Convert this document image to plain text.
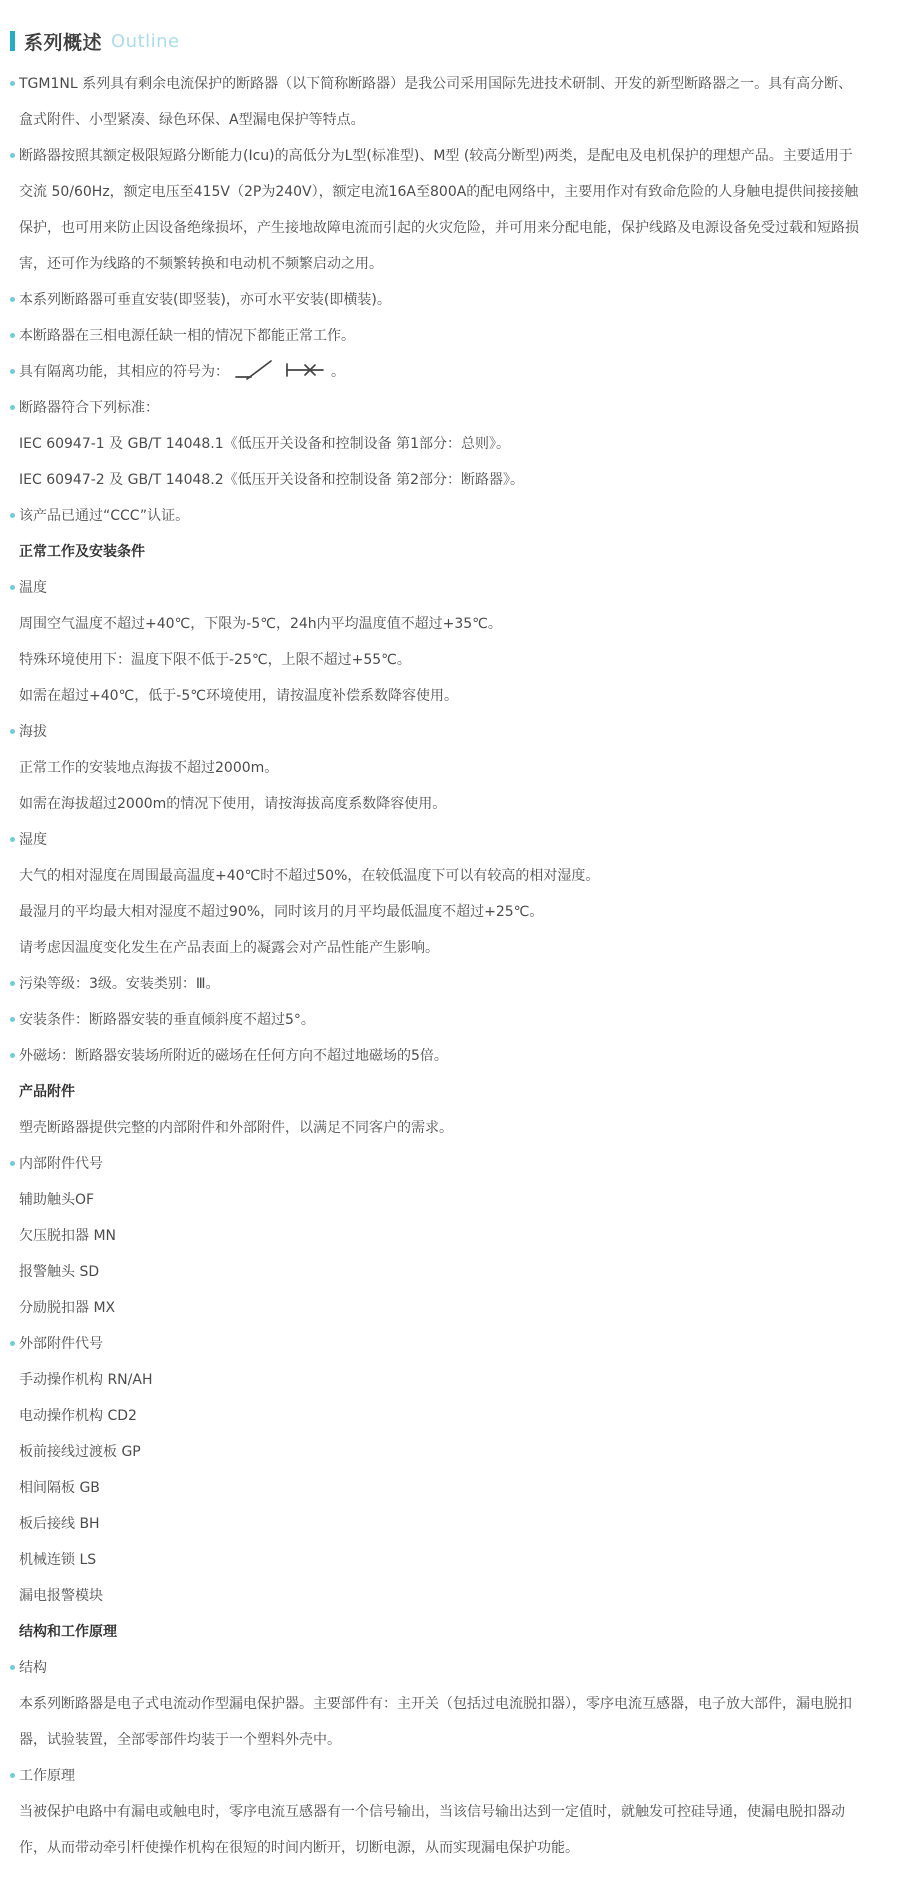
系列概述 Outline

TGM1NL 系列具有剩余电流保护的断路器（以下简称断路器）是我公司采用国际先进技术研制、开发的新型断路器之一。具有高分断、盒式附件、小型紧凑、绿色环保、A型漏电保护等特点。

断路器按照其额定极限短路分断能力(Icu)的高低分为L型(标准型)、M型 (较高分断型)两类，是配电及电机保护的理想产品。主要适用于交流 50/60Hz，额定电压至415V（2P为240V），额定电流16A至800A的配电网络中，主要用作对有致命危险的人身触电提供间接接触保护，也可用来防止因设备绝缘损坏，产生接地故障电流而引起的火灾危险，并可用来分配电能，保护线路及电源设备免受过载和短路损害，还可作为线路的不频繁转换和电动机不频繁启动之用。

本系列断路器可垂直安装(即竖装)，亦可水平安装(即横装)。

本断路器在三相电源任缺一相的情况下都能正常工作。

具有隔离功能，其相应的符号为：	。

断路器符合下列标准：

IEC 60947-1 及 GB/T 14048.1《低压开关设备和控制设备 第1部分：总则》。

IEC 60947-2 及 GB/T 14048.2《低压开关设备和控制设备 第2部分：断路器》。

该产品已通过“CCC”认证。

正常工作及安装条件

温度

周围空气温度不超过+40℃，下限为-5℃，24h内平均温度值不超过+35℃。

特殊环境使用下：温度下限不低于-25℃，上限不超过+55℃。

如需在超过+40℃，低于-5℃环境使用，请按温度补偿系数降容使用。

海拔

正常工作的安装地点海拔不超过2000m。

如需在海拔超过2000m的情况下使用，请按海拔高度系数降容使用。

湿度

大气的相对湿度在周围最高温度+40℃时不超过50%，在较低温度下可以有较高的相对湿度。

最湿月的平均最大相对湿度不超过90%，同时该月的月平均最低温度不超过+25℃。

请考虑因温度变化发生在产品表面上的凝露会对产品性能产生影响。

污染等级：3级。安装类别：Ⅲ。

安装条件：断路器安装的垂直倾斜度不超过5°。

外磁场：断路器安装场所附近的磁场在任何方向不超过地磁场的5倍。

产品附件

塑壳断路器提供完整的内部附件和外部附件，以满足不同客户的需求。

内部附件代号

辅助触头OF

欠压脱扣器 MN

报警触头 SD

分励脱扣器 MX

外部附件代号

手动操作机构 RN/AH

电动操作机构 CD2

板前接线过渡板 GP

相间隔板 GB

板后接线 BH

机械连锁 LS

漏电报警模块

结构和工作原理

结构

本系列断路器是电子式电流动作型漏电保护器。主要部件有：主开关（包括过电流脱扣器），零序电流互感器，电子放大部件，漏电脱扣器，试验装置，全部零部件均装于一个塑料外壳中。

工作原理

当被保护电路中有漏电或触电时，零序电流互感器有一个信号输出，当该信号输出达到一定值时，就触发可控硅导通，使漏电脱扣器动作，从而带动牵引杆使操作机构在很短的时间内断开，切断电源，从而实现漏电保护功能。
